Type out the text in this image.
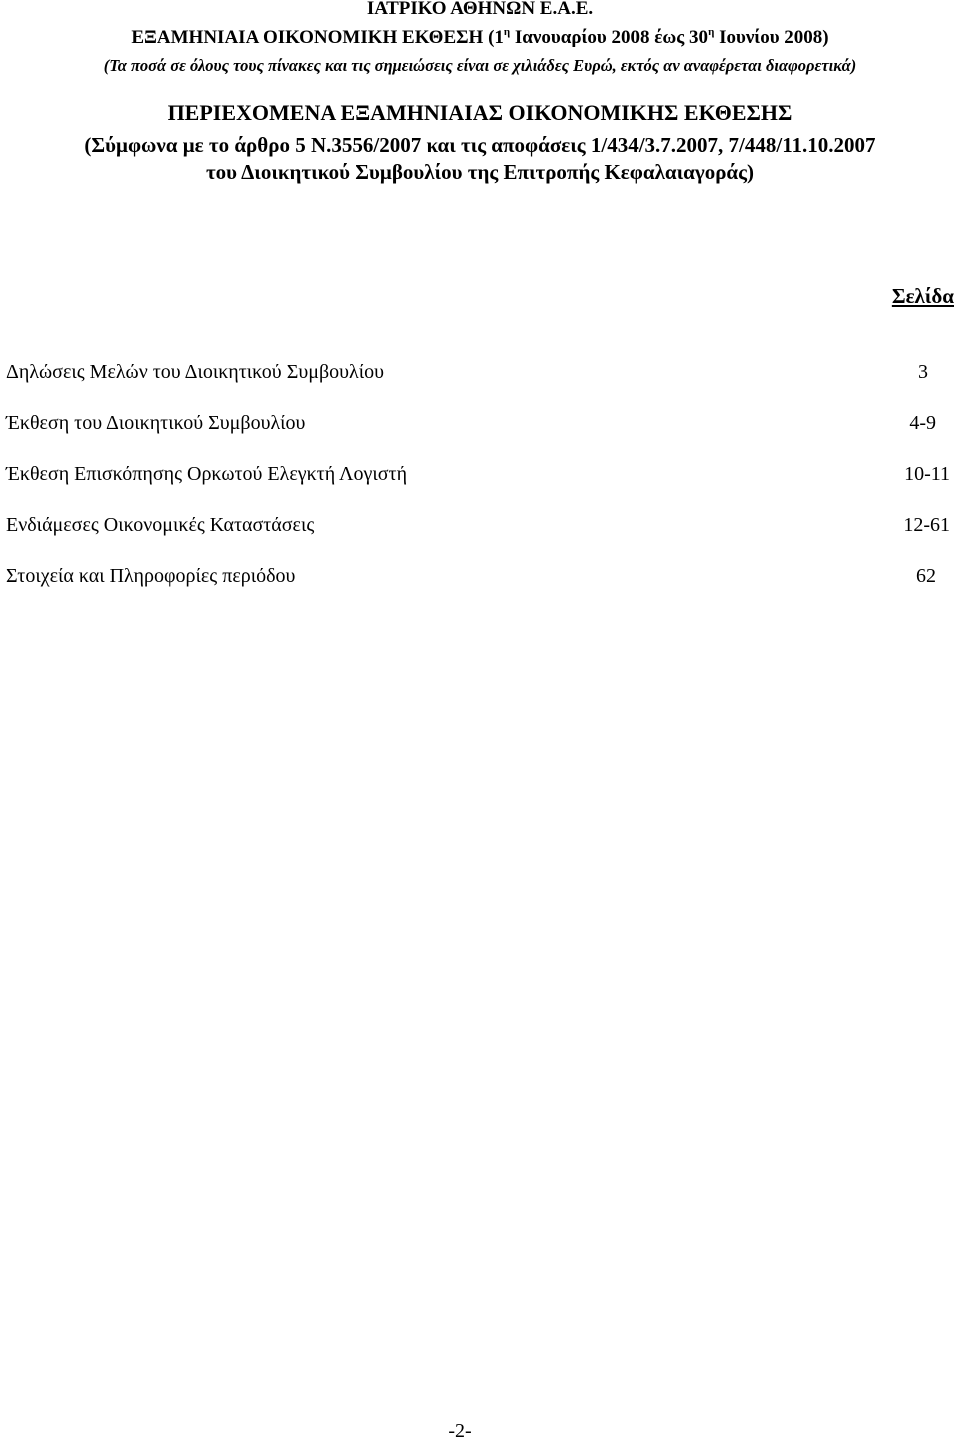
ΙΑΤΡΙΚΟ ΑΘΗΝΩΝ Ε.Α.Ε.
ΕΞΑΜΗΝΙΑΙΑ ΟΙΚΟΝΟΜΙΚΗ ΕΚΘΕΣΗ ($1^\eta$ Ιανουαρίου 2008 έως $30^\eta$ Ιουνίου 2008)
(Τα ποσά σε όλους τους πίνακες και τις σημειώσεις είναι σε χιλιάδες Ευρώ, εκτός αν αναφέρεται διαφορετικά)
ΠΕΡΙΕΧΟΜΕΝΑ ΕΞΑΜΗΝΙΑΙΑΣ ΟΙΚΟΝΟΜΙΚΗΣ ΕΚΘΕΣΗΣ
(Σύμφωνα με το άρθρο 5 Ν.3556/2007 και τις αποφάσεις 1/434/3.7.2007, 7/448/11.10.2007
του Διοικητικού Συμβουλίου της Επιτροπής Κεφαλαιαγοράς)
Σελίδα
Δηλώσεις Μελών του Διοικητικού Συμβουλίου	3
Έκθεση του Διοικητικού Συμβουλίου	4-9
Έκθεση Επισκόπησης Ορκωτού Ελεγκτή Λογιστή	10-11
Ενδιάμεσες Οικονομικές Καταστάσεις	12-61
Στοιχεία και Πληροφορίες περιόδου	62
-2-
